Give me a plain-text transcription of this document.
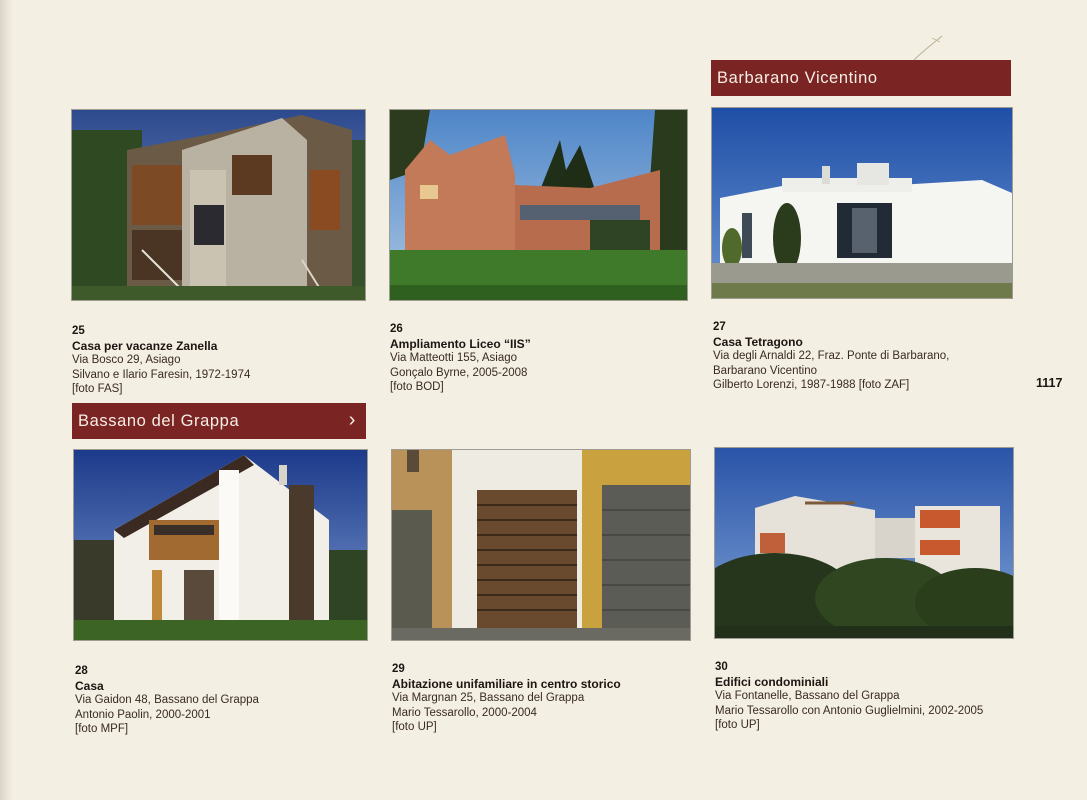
Barbarano Vicentino
25
Casa per vacanze Zanella
Via Bosco 29, Asiago
Silvano e Ilario Faresin, 1972-1974
[foto FAS]
26
Ampliamento Liceo “IIS”
Via Matteotti 155, Asiago
Gonçalo Byrne, 2005-2008
[foto BOD]
27
Casa Tetragono
Via degli Arnaldi 22, Fraz. Ponte di Barbarano,
Barbarano Vicentino
Gilberto Lorenzi, 1987-1988 [foto ZAF]	1117
Bassano del Grappa	›
28
Casa
Via Gaidon 48, Bassano del Grappa
Antonio Paolin, 2000-2001
[foto MPF]
29
Abitazione unifamiliare in centro storico
Via Margnan 25, Bassano del Grappa
Mario Tessarollo, 2000-2004
[foto UP]
30
Edifici condominiali
Via Fontanelle, Bassano del Grappa
Mario Tessarollo con Antonio Guglielmini, 2002-2005
[foto UP]
